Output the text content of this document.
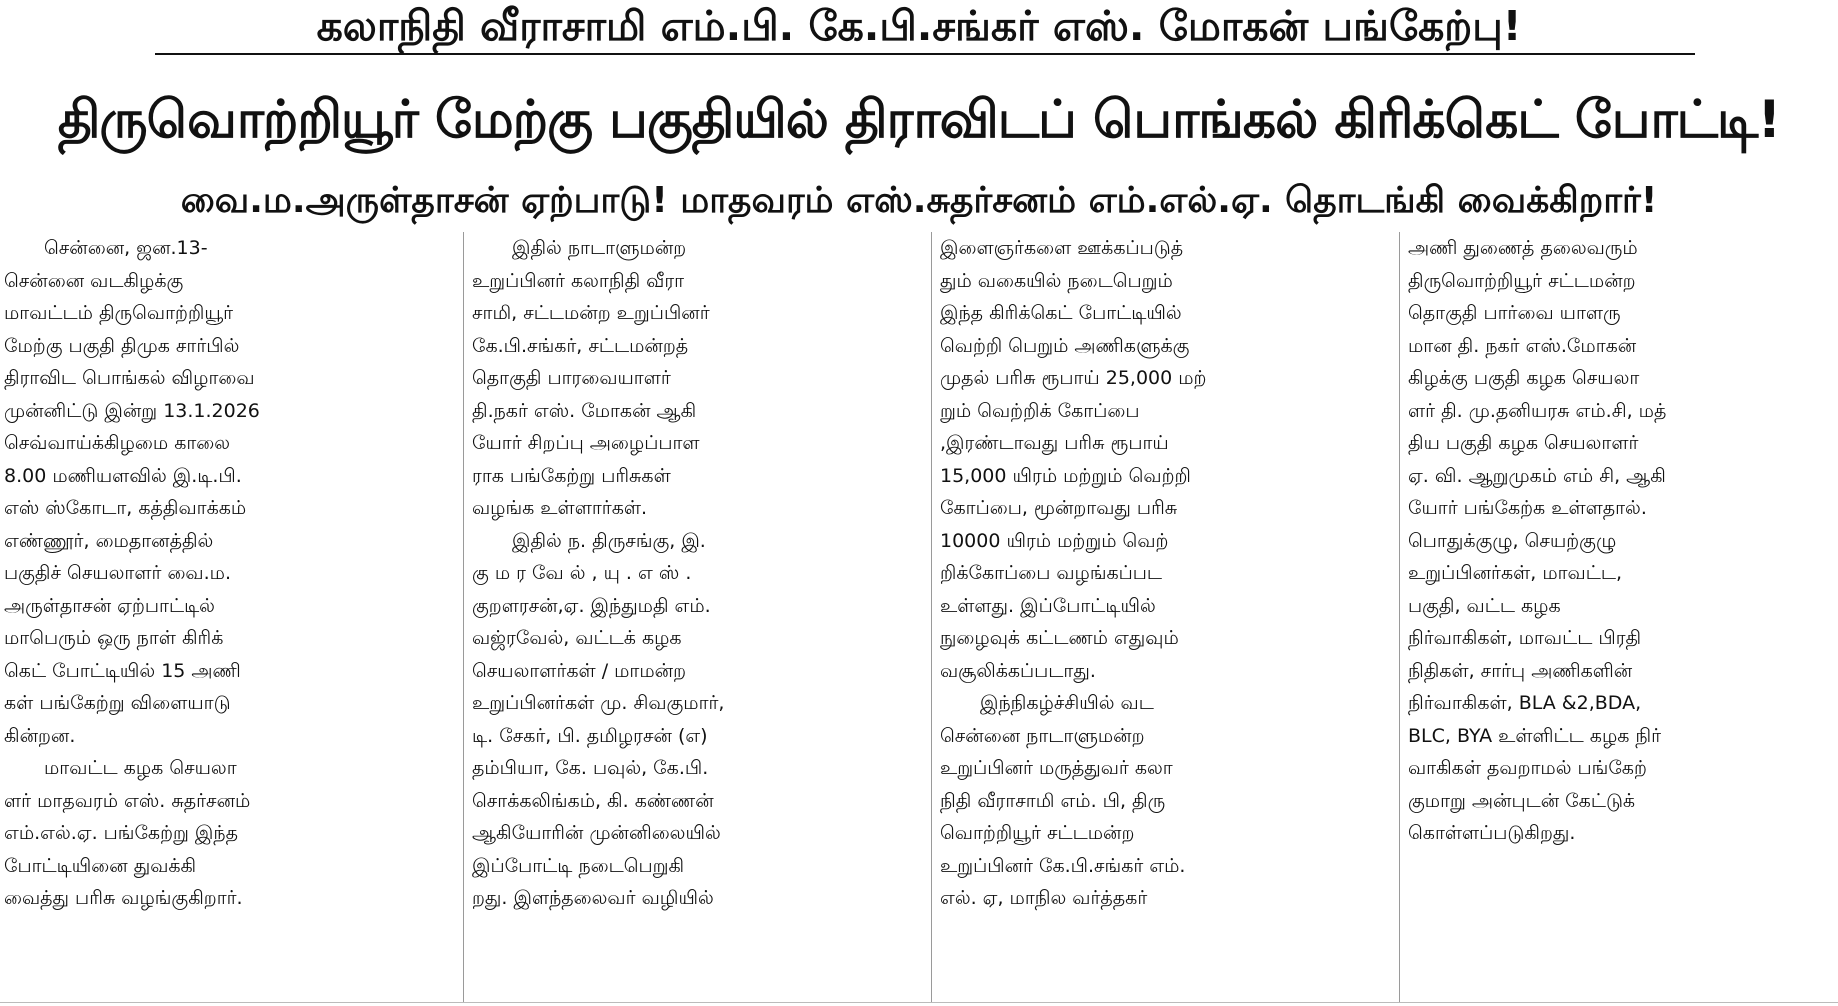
கலாநிதி வீராசாமி எம்.பி. கே.பி.சங்கர் எஸ். மோகன் பங்கேற்பு!
திருவொற்றியூர் மேற்கு பகுதியில் திராவிடப் பொங்கல் கிரிக்கெட் போட்டி!
வை.ம.அருள்தாசன் ஏற்பாடு! மாதவரம் எஸ்.சுதர்சனம் எம்.எல்.ஏ. தொடங்கி வைக்கிறார்!
சென்னை, ஜன.13-
சென்னை வடகிழக்கு
மாவட்டம் திருவொற்றியூர்
மேற்கு பகுதி திமுக சார்பில்
திராவிட பொங்கல் விழாவை
முன்னிட்டு இன்று 13.1.2026
செவ்வாய்க்கிழமை காலை
8.00 மணியளவில் இ.டி.பி.
எஸ் ஸ்கோடா, கத்திவாக்கம்
எண்ணூர், மைதானத்தில்
பகுதிச் செயலாளர் வை.ம.
அருள்தாசன் ஏற்பாட்டில்
மாபெரும் ஒரு நாள் கிரிக்
கெட் போட்டியில் 15 அணி
கள் பங்கேற்று விளையாடு
கின்றன.
மாவட்ட கழக செயலா
ளர் மாதவரம் எஸ். சுதர்சனம்
எம்.எல்.ஏ. பங்கேற்று இந்த
போட்டியினை துவக்கி
வைத்து பரிசு வழங்குகிறார்.
இதில் நாடாளுமன்ற
உறுப்பினர் கலாநிதி வீரா
சாமி, சட்டமன்ற உறுப்பினர்
கே.பி.சங்கர், சட்டமன்றத்
தொகுதி பாரவையாளர்
தி.நகர் எஸ். மோகன் ஆகி
யோர் சிறப்பு அழைப்பாள
ராக பங்கேற்று பரிசுகள்
வழங்க உள்ளார்கள்.
இதில் ந. திருசங்கு, இ.
கு ம ர வே ல் , யு . எ ஸ் .
குறளரசன்,ஏ. இந்துமதி எம்.
வஜ்ரவேல், வட்டக் கழக
செயலாளர்கள் / மாமன்ற
உறுப்பினர்கள் மு. சிவகுமார்,
டி. சேகர், பி. தமிழரசன் (எ)
தம்பியா, கே. பவுல், கே.பி.
சொக்கலிங்கம், கி. கண்ணன்
ஆகியோரின் முன்னிலையில்
இப்போட்டி நடைபெறுகி
றது. இளந்தலைவர் வழியில்
இளைஞர்களை ஊக்கப்படுத்
தும் வகையில் நடைபெறும்
இந்த கிரிக்கெட் போட்டியில்
வெற்றி பெறும் அணிகளுக்கு
முதல் பரிசு ரூபாய் 25,000 மற்
றும் வெற்றிக் கோப்பை
,இரண்டாவது பரிசு ரூபாய்
15,000 யிரம் மற்றும் வெற்றி
கோப்பை, மூன்றாவது பரிசு
10000 யிரம் மற்றும் வெற்
றிக்கோப்பை வழங்கப்பட
உள்ளது. இப்போட்டியில்
நுழைவுக் கட்டணம் எதுவும்
வசூலிக்கப்படாது.
இந்நிகழ்ச்சியில் வட
சென்னை நாடாளுமன்ற
உறுப்பினர் மருத்துவர் கலா
நிதி வீராசாமி எம். பி, திரு
வொற்றியூர் சட்டமன்ற
உறுப்பினர் கே.பி.சங்கர் எம்.
எல். ஏ, மாநில வர்த்தகர்
அணி துணைத் தலைவரும்
திருவொற்றியூர் சட்டமன்ற
தொகுதி பார்வை யாளரு
மான தி. நகர் எஸ்.மோகன்
கிழக்கு பகுதி கழக செயலா
ளர் தி. மு.தனியரசு எம்.சி, மத்
திய பகுதி கழக செயலாளர்
ஏ. வி. ஆறுமுகம் எம் சி, ஆகி
யோர் பங்கேற்க உள்ளதால்.
பொதுக்குழு, செயற்குழு
உறுப்பினர்கள், மாவட்ட,
பகுதி, வட்ட கழக
நிர்வாகிகள், மாவட்ட பிரதி
நிதிகள், சார்பு அணிகளின்
நிர்வாகிகள், BLA &2,BDA,
BLC, BYA உள்ளிட்ட கழக நிர்
வாகிகள் தவறாமல் பங்கேற்
குமாறு அன்புடன் கேட்டுக்
கொள்ளப்படுகிறது.
